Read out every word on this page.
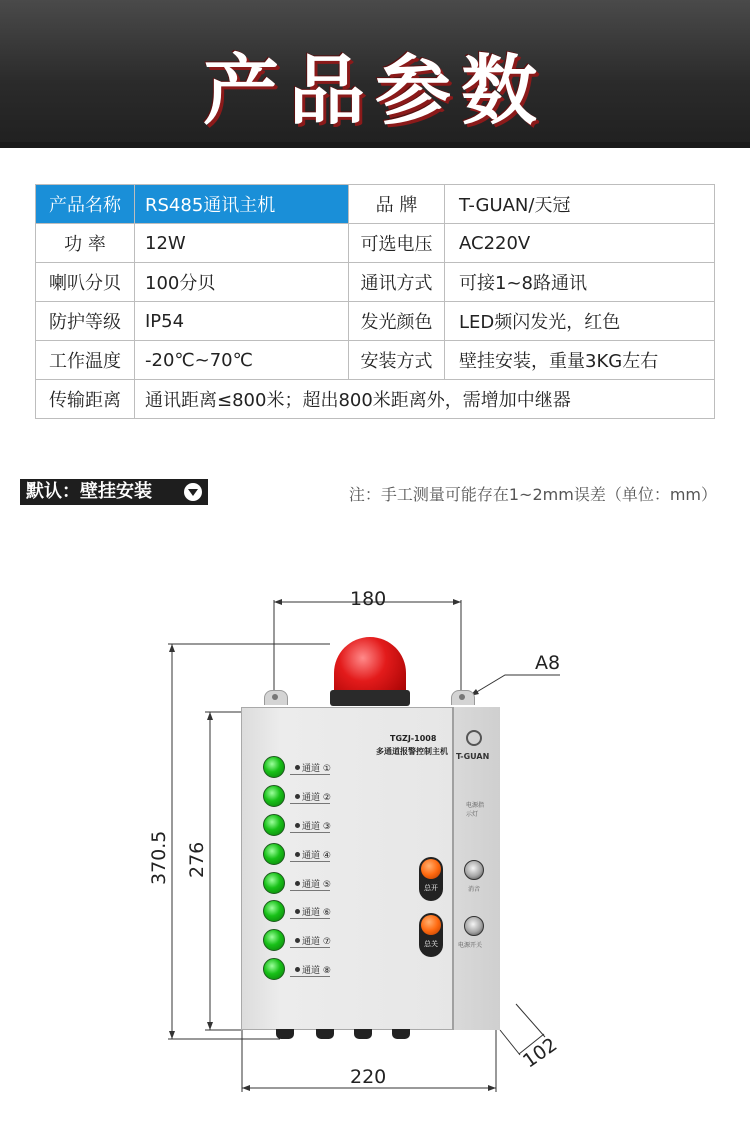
产品参数
产品名称	RS485通讯主机	品 牌	T-GUAN/天冠
功 率	12W	可选电压	AC220V
喇叭分贝	100分贝	通讯方式	可接1~8路通讯
防护等级	IP54	发光颜色	LED频闪发光，红色
工作温度	-20℃~70℃	安装方式	壁挂安装，重量3KG左右
传输距离	通讯距离≤800米；超出800米距离外，需增加中继器		
默认：壁挂安装	注：手工测量可能存在1~2mm误差（单位：mm）
180
A8
370.5 276
220
102
TGZJ-1008
多通道报警控制主机
T-GUAN
电源指示灯
通道 ①
通道 ②
通道 ③
通道 ④
通道 ⑤
通道 ⑥
通道 ⑦
通道 ⑧
总开
总关
消音
电源开关
